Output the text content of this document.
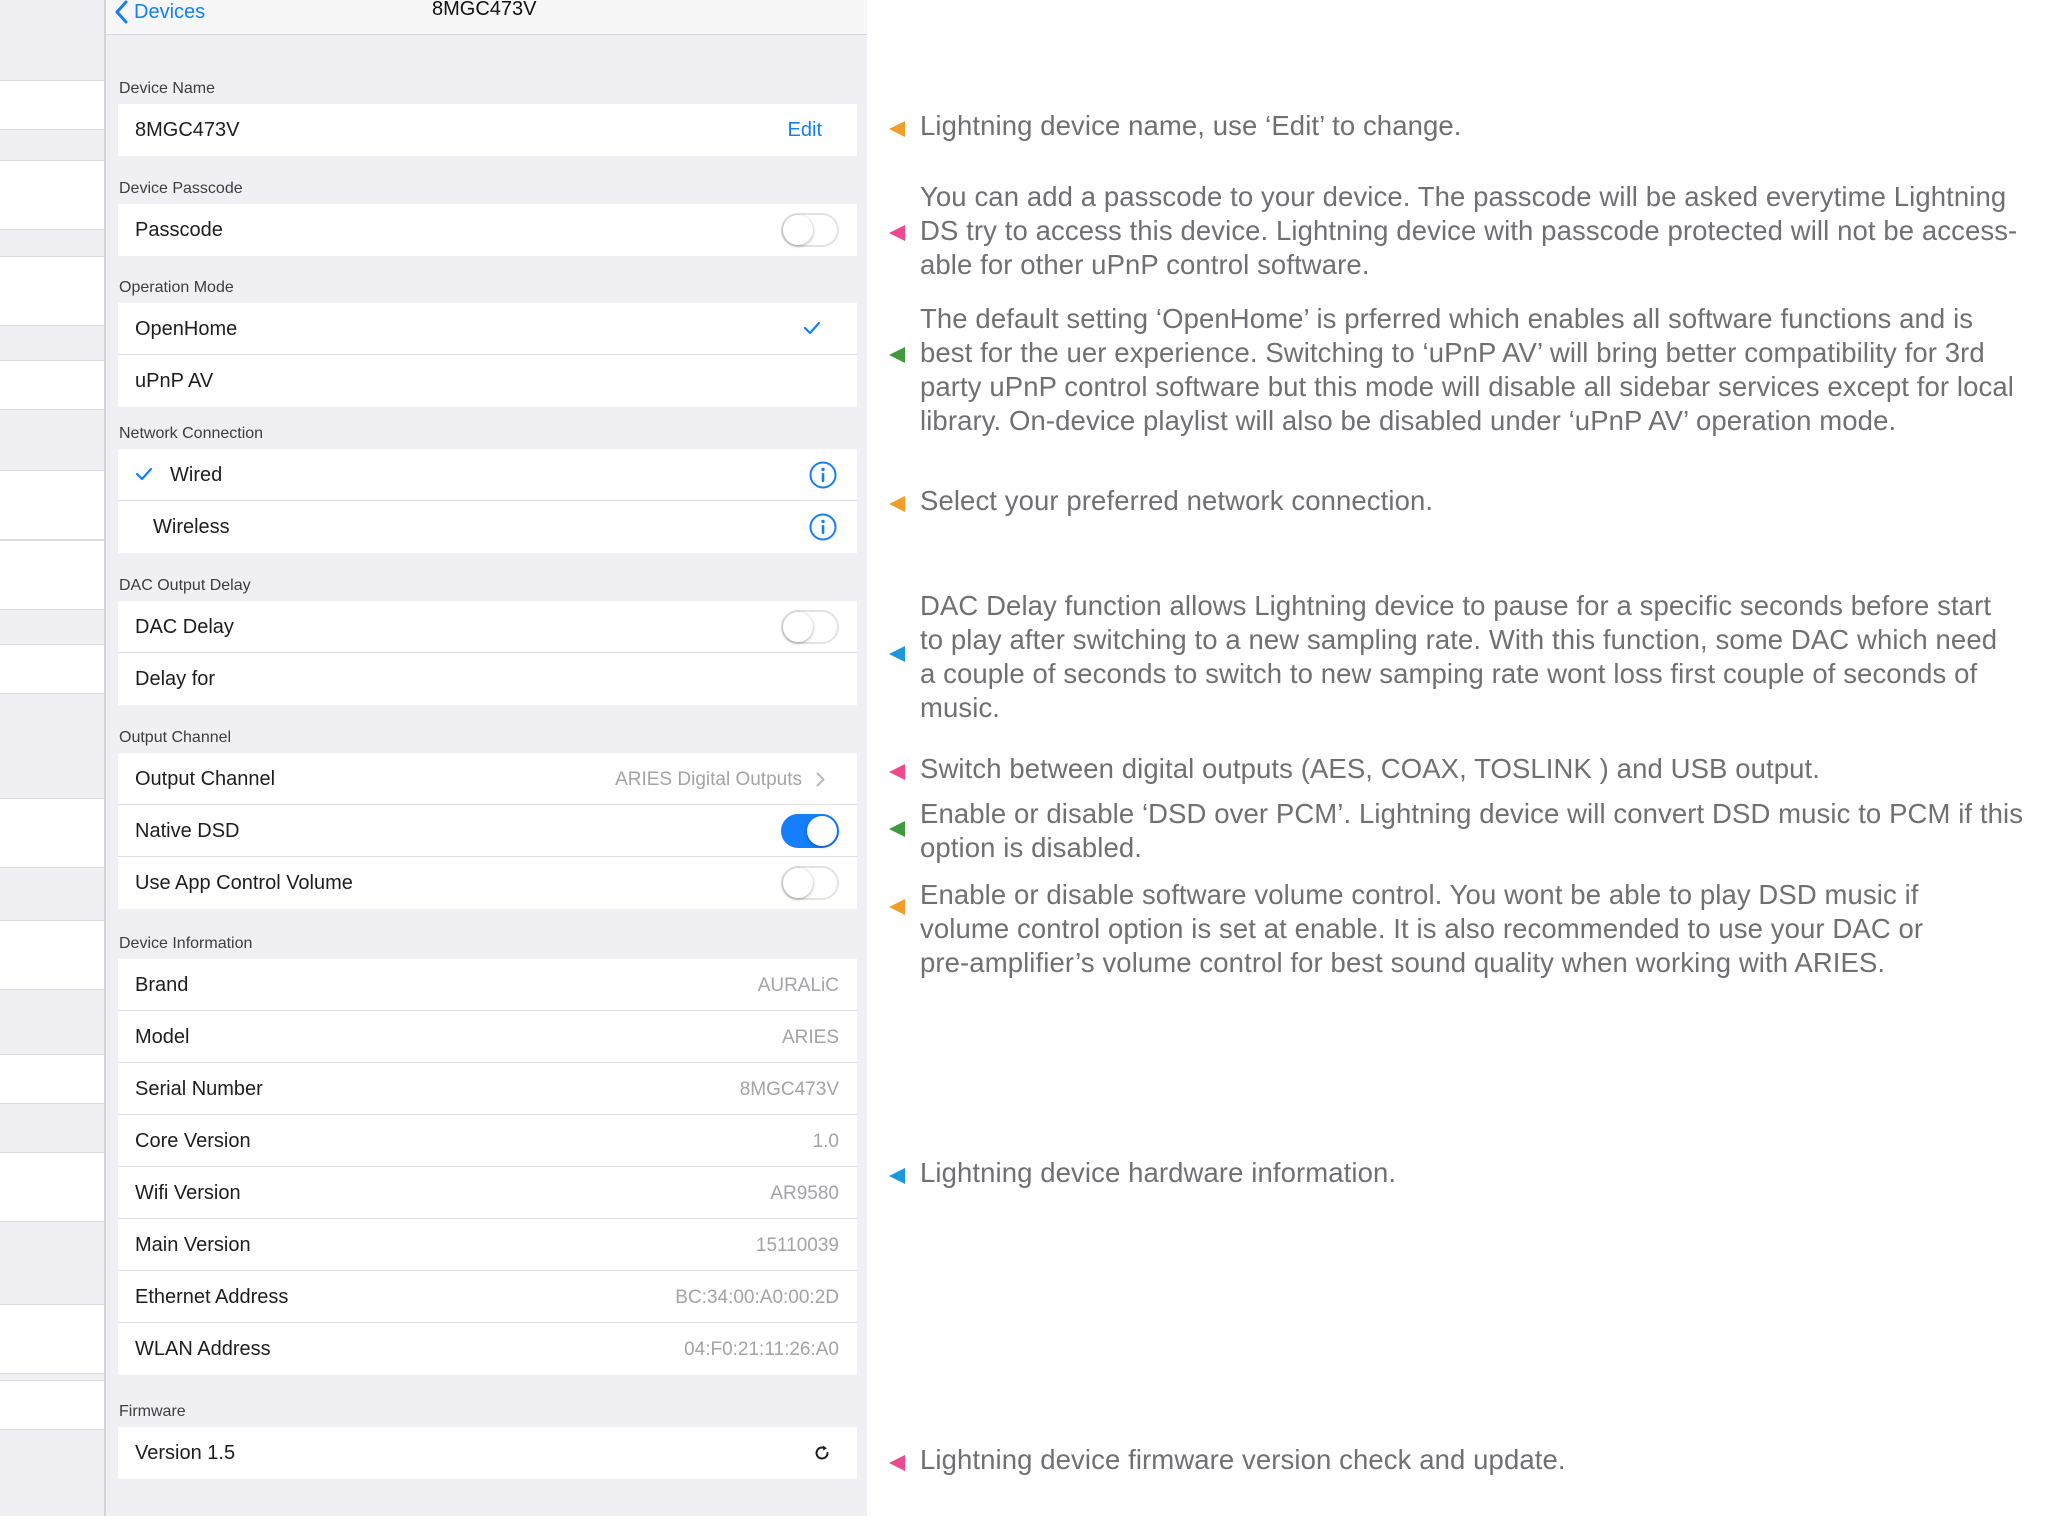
Devices	8MGC473V
Device Name
8MGC473V	Edit
Device Passcode
Passcode
Operation Mode
OpenHome
uPnP AV
Network Connection
Wired
Wireless
DAC Output Delay
DAC Delay
Delay for
Output Channel
Output Channel	ARIES Digital Outputs
Native DSD
Use App Control Volume
Device Information
Brand	AURALiC
Model	ARIES
Serial Number	8MGC473V
Core Version	1.0
Wifi Version	AR9580
Main Version	15110039
Ethernet Address	BC:34:00:A0:00:2D
WLAN Address	04:F0:21:11:26:A0
Firmware
Version 1.5
Lightning device name, use ‘Edit’ to change.
You can add a passcode to your device. The passcode will be asked everytime Lightning
DS try to access this device. Lightning device with passcode protected will not be access-
able for other uPnP control software.
The default setting ‘OpenHome’ is prferred which enables all software functions and is
best for the uer experience. Switching to ‘uPnP AV’ will bring better compatibility for 3rd
party uPnP control software but this mode will disable all sidebar services except for local
library. On-device playlist will also be disabled under ‘uPnP AV’ operation mode.
Select your preferred network connection.
DAC Delay function allows Lightning device to pause for a specific seconds before start
to play after switching to a new sampling rate. With this function, some DAC which need
a couple of seconds to switch to new samping rate wont loss first couple of seconds of
music.
Switch between digital outputs (AES, COAX, TOSLINK ) and USB output.
Enable or disable ‘DSD over PCM’. Lightning device will convert DSD music to PCM if this
option is disabled.
Enable or disable software volume control. You wont be able to play DSD music if
volume control option is set at enable. It is also recommended to use your DAC or
pre-amplifier’s volume control for best sound quality when working with ARIES.
Lightning device hardware information.
Lightning device firmware version check and update.
